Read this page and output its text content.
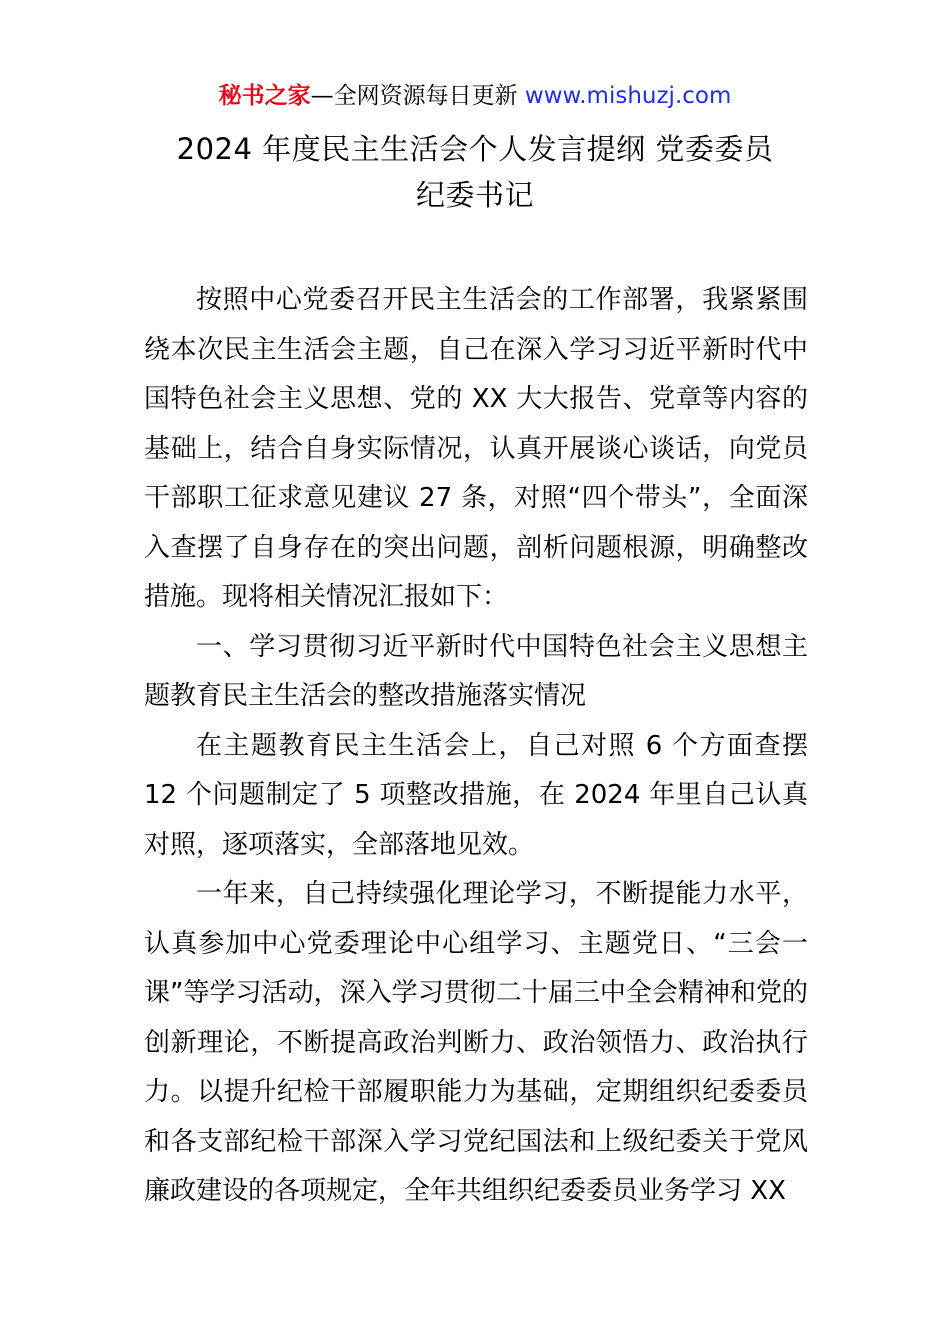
秘书之家—全网资源每日更新 www.mishuzj.com
2024 年度民主生活会个人发言提纲 党委委员
纪委书记

按照中心党委召开民主生活会的工作部署，我紧紧围绕本次民主生活会主题，自己在深入学习习近平新时代中国特色社会主义思想、党的 XX 大大报告、党章等内容的基础上，结合自身实际情况，认真开展谈心谈话，向党员干部职工征求意见建议 27 条，对照“四个带头”，全面深入查摆了自身存在的突出问题，剖析问题根源，明确整改措施。现将相关情况汇报如下：

一、学习贯彻习近平新时代中国特色社会主义思想主题教育民主生活会的整改措施落实情况

在主题教育民主生活会上，自己对照 6 个方面查摆 12 个问题制定了 5 项整改措施，在 2024 年里自己认真对照，逐项落实，全部落地见效。

一年来，自己持续强化理论学习，不断提能力水平，认真参加中心党委理论中心组学习、主题党日、“三会一课”等学习活动，深入学习贯彻二十届三中全会精神和党的创新理论，不断提高政治判断力、政治领悟力、政治执行力。以提升纪检干部履职能力为基础，定期组织纪委委员和各支部纪检干部深入学习党纪国法和上级纪委关于党风廉政建设的各项规定，全年共组织纪委委员业务学习 XX
